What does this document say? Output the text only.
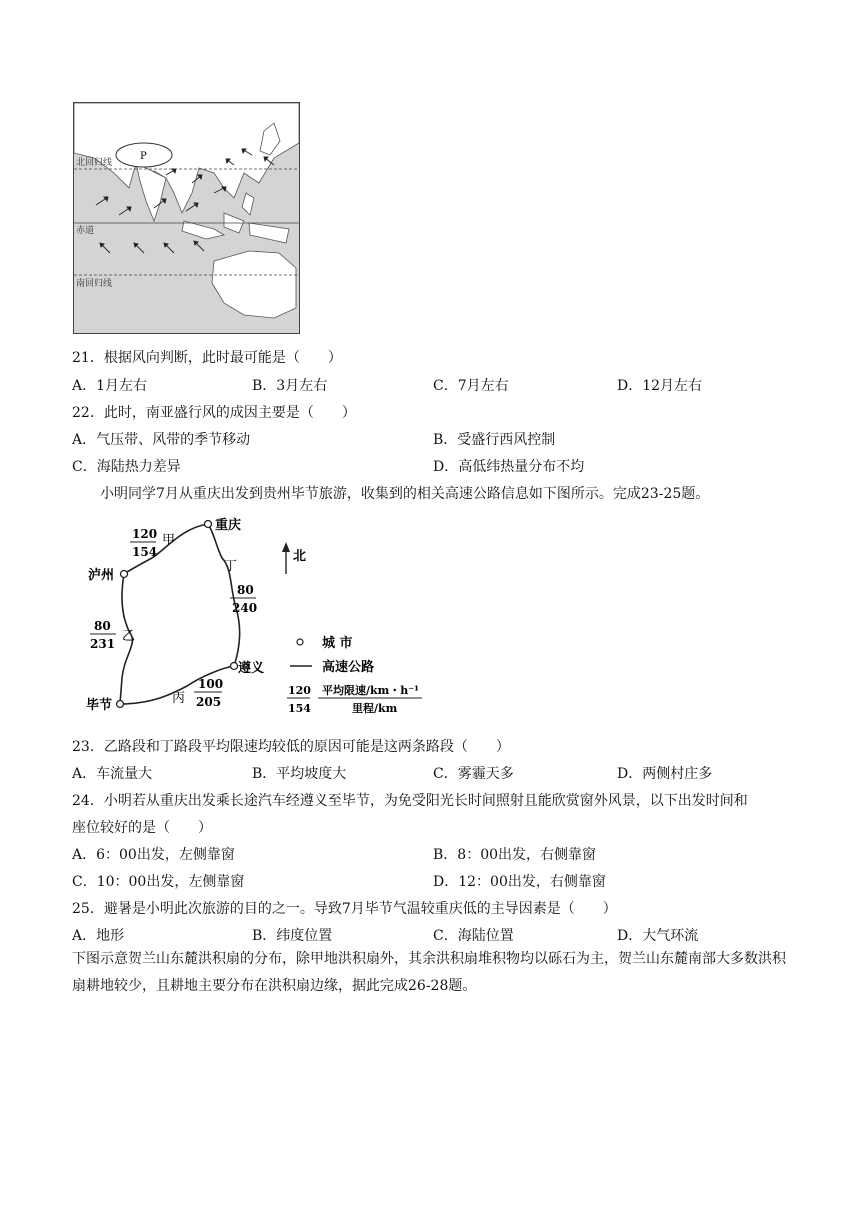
P
北回归线
赤道
南回归线
21．根据风向判断，此时最可能是（　　）
A．1月左右	B．3月左右	C．7月左右	D．12月左右
22．此时，南亚盛行风的成因主要是（　　）
A．气压带、风带的季节移动	B．受盛行西风控制
C．海陆热力差异	D．高低纬热量分布不均
小明同学7月从重庆出发到贵州毕节旅游，收集到的相关高速公路信息如下图所示。完成23-25题。
重庆
泸州
遵义
毕节
120
154
甲
丁
80
240
80
231 乙
丙
100
205
北
城 市
高速公路
120
154
平均限速/km・h⁻¹
里程/km
23．乙路段和丁路段平均限速均较低的原因可能是这两条路段（　　）
A．车流量大	B．平均坡度大	C．雾霾天多	D．两侧村庄多
24．小明若从重庆出发乘长途汽车经遵义至毕节，为免受阳光长时间照射且能欣赏窗外风景，以下出发时间和
座位较好的是（　　）
A．6：00出发，左侧靠窗	B．8：00出发，右侧靠窗
C．10：00出发，左侧靠窗	D．12：00出发，右侧靠窗
25．避暑是小明此次旅游的目的之一。导致7月毕节气温较重庆低的主导因素是（　　）
A．地形	B．纬度位置	C．海陆位置	D．大气环流
下图示意贺兰山东麓洪积扇的分布，除甲地洪积扇外，其余洪积扇堆积物均以砾石为主，贺兰山东麓南部大多数洪积扇耕地较少，且耕地主要分布在洪积扇边缘，据此完成26-28题。
